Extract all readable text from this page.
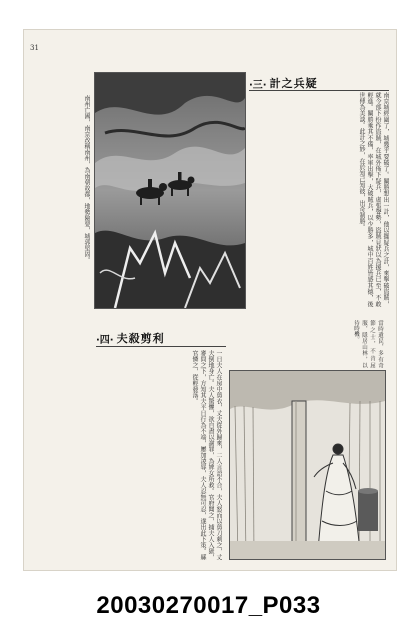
31
·三· 計之兵疑
南京城經圍了，城幾乎要破了。關勝想出一計，他以擺疑兵之計，來擊破盜賊，就令部下扮作盜賊，在城外佈下疑兵，虛張聲勢，盜賊見狀以為援兵已至，不敢輕進。關勝乘其不備，率軍出擊，大破賊兵，以少勝多，城中百姓皆感其德，後世傳為美談。此計之妙，在於知己知彼，出奇制勝。
南州亡國，南京改稱南州，為南朝故都，地勢險要，城郭堅固。
·四· 夫殺剪利
一日夫人在房中剪衣，丈夫從外歸來，二人言語不合，夫人怒而以剪刀刺之，丈夫倒地身亡。夫人驚懼，欲自盡以謝罪，為婢女所救。官府聞之，捕夫人入獄，審問之下，方知其夫平日行為不端，屢加凌辱，夫人忍無可忍，遂出此下策。縣官憐之，從輕發落。
當時遺民，多有奇節之士，不肯屈服，隱居山林，以待時機。
20030270017_P033
